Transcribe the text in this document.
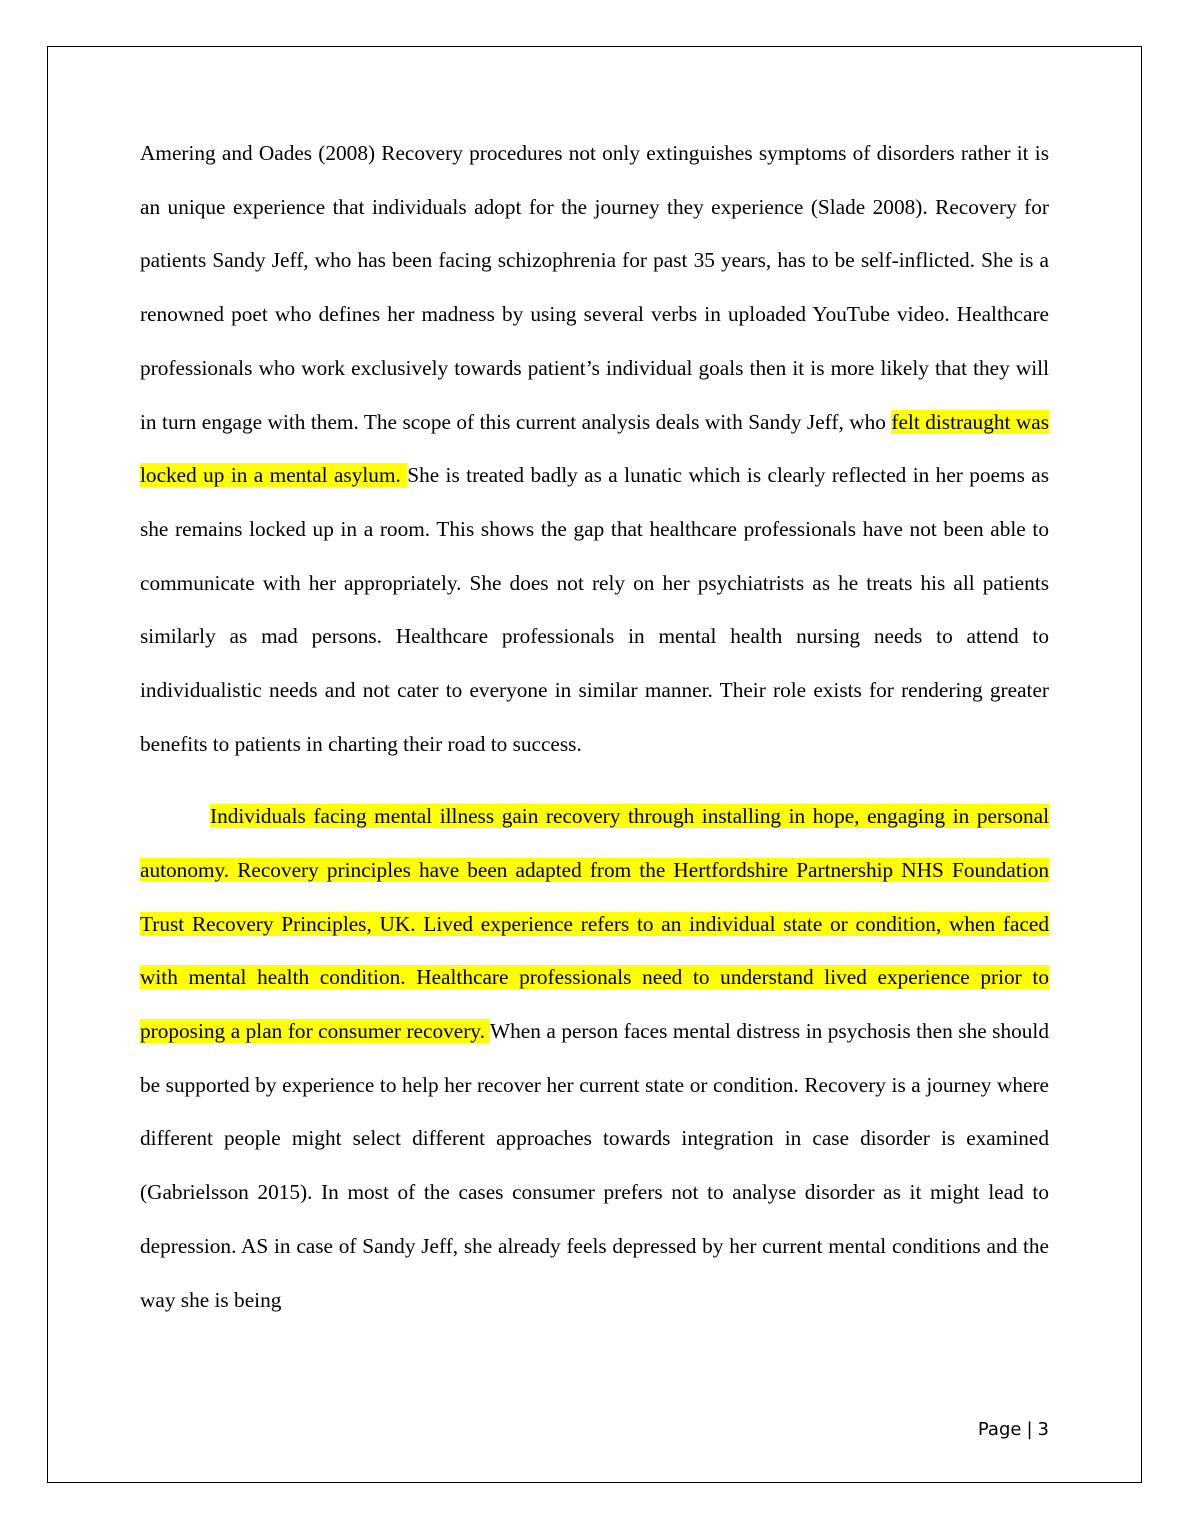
Amering and Oades (2008) Recovery procedures not only extinguishes symptoms of disorders rather it is an unique experience that individuals adopt for the journey they experience (Slade 2008). Recovery for patients Sandy Jeff, who has been facing schizophrenia for past 35 years, has to be self-inflicted. She is a renowned poet who defines her madness by using several verbs in uploaded YouTube video. Healthcare professionals who work exclusively towards patient’s individual goals then it is more likely that they will in turn engage with them. The scope of this current analysis deals with Sandy Jeff, who felt distraught was locked up in a mental asylum. She is treated badly as a lunatic which is clearly reflected in her poems as she remains locked up in a room. This shows the gap that healthcare professionals have not been able to communicate with her appropriately. She does not rely on her psychiatrists as he treats his all patients similarly as mad persons. Healthcare professionals in mental health nursing needs to attend to individualistic needs and not cater to everyone in similar manner. Their role exists for rendering greater benefits to patients in charting their road to success.

Individuals facing mental illness gain recovery through installing in hope, engaging in personal autonomy. Recovery principles have been adapted from the Hertfordshire Partnership NHS Foundation Trust Recovery Principles, UK. Lived experience refers to an individual state or condition, when faced with mental health condition. Healthcare professionals need to understand lived experience prior to proposing a plan for consumer recovery. When a person faces mental distress in psychosis then she should be supported by experience to help her recover her current state or condition. Recovery is a journey where different people might select different approaches towards integration in case disorder is examined (Gabrielsson 2015). In most of the cases consumer prefers not to analyse disorder as it might lead to depression. AS in case of Sandy Jeff, she already feels depressed by her current mental conditions and the way she is being

Page | 3
